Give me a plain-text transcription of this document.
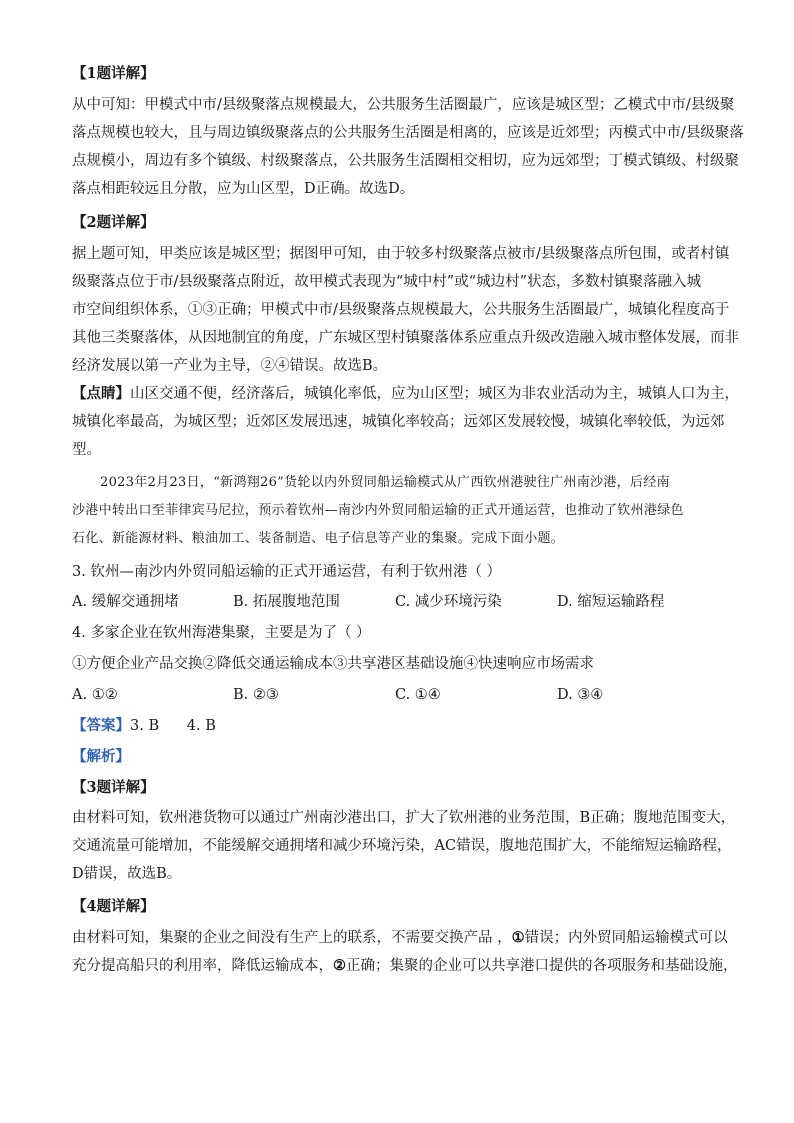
【1题详解】
从中可知：甲模式中市/县级聚落点规模最大，公共服务生活圈最广，应该是城区型；乙模式中市/县级聚
落点规模也较大，且与周边镇级聚落点的公共服务生活圈是相离的，应该是近郊型；丙模式中市/县级聚落
点规模小，周边有多个镇级、村级聚落点，公共服务生活圈相交相切，应为远郊型；丁模式镇级、村级聚
落点相距较远且分散，应为山区型，D正确。故选D。
【2题详解】
据上题可知，甲类应该是城区型；据图甲可知，由于较多村级聚落点被市/县级聚落点所包围，或者村镇
级聚落点位于市/县级聚落点附近，故甲模式表现为“城中村”或“城边村”状态，多数村镇聚落融入城
市空间组织体系，①③正确；甲模式中市/县级聚落点规模最大，公共服务生活圈最广，城镇化程度高于
其他三类聚落体，从因地制宜的角度，广东城区型村镇聚落体系应重点升级改造融入城市整体发展，而非
经济发展以第一产业为主导，②④错误。故选B。
【点睛】山区交通不便，经济落后，城镇化率低，应为山区型；城区为非农业活动为主，城镇人口为主，
城镇化率最高，为城区型；近郊区发展迅速，城镇化率较高；远郊区发展较慢，城镇化率较低，为远郊
型。
2023年2月23日，“新鸿翔26”货轮以内外贸同船运输模式从广西钦州港驶往广州南沙港，后经南
沙港中转出口至菲律宾马尼拉，预示着钦州—南沙内外贸同船运输的正式开通运营，也推动了钦州港绿色
石化、新能源材料、粮油加工、装备制造、电子信息等产业的集聚。完成下面小题。
3. 钦州—南沙内外贸同船运输的正式开通运营，有利于钦州港（ ）
A. 缓解交通拥堵	B. 拓展腹地范围	C. 减少环境污染	D. 缩短运输路程
4. 多家企业在钦州海港集聚，主要是为了（ ）
①方便企业产品交换②降低交通运输成本③共享港区基础设施④快速响应市场需求
A. ①②	B. ②③	C. ①④	D. ③④
【答案】3. B      4. B
【解析】
【3题详解】
由材料可知，钦州港货物可以通过广州南沙港出口，扩大了钦州港的业务范围，B正确；腹地范围变大，
交通流量可能增加，不能缓解交通拥堵和减少环境污染，AC错误，腹地范围扩大，不能缩短运输路程，
D错误，故选B。
【4题详解】
由材料可知，集聚的企业之间没有生产上的联系，不需要交换产品 ，①错误；内外贸同船运输模式可以
充分提高船只的利用率，降低运输成本，②正确；集聚的企业可以共享港口提供的各项服务和基础设施，
